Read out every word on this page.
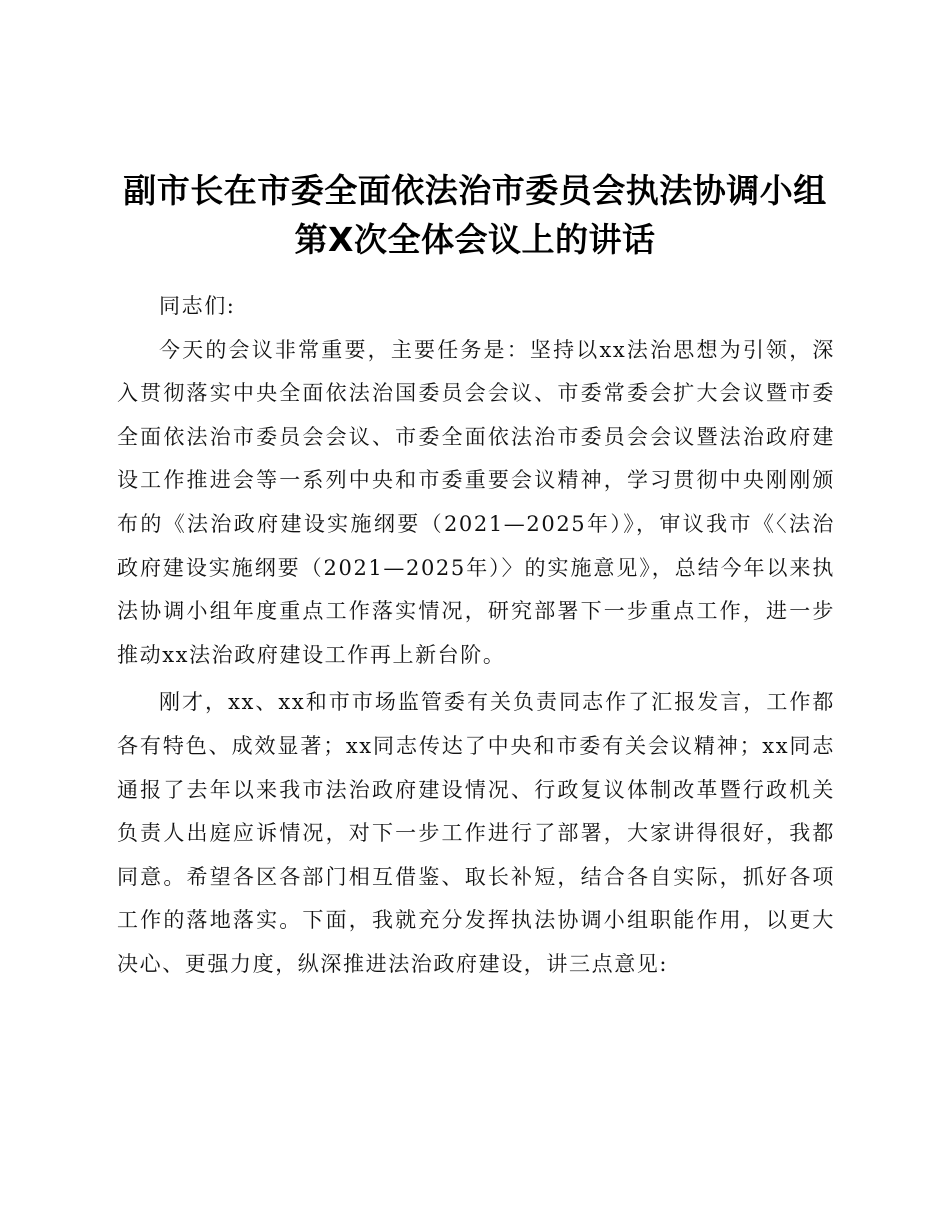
副市长在市委全面依法治市委员会执法协调小组
第X次全体会议上的讲话

同志们:

今天的会议非常重要，主要任务是：坚持以xx法治思想为引领，深入贯彻落实中央全面依法治国委员会会议、市委常委会扩大会议暨市委全面依法治市委员会会议、市委全面依法治市委员会会议暨法治政府建设工作推进会等一系列中央和市委重要会议精神，学习贯彻中央刚刚颁布的《法治政府建设实施纲要（2021—2025年）》，审议我市《〈法治政府建设实施纲要（2021—2025年）〉的实施意见》，总结今年以来执法协调小组年度重点工作落实情况，研究部署下一步重点工作，进一步推动xx法治政府建设工作再上新台阶。

刚才，xx、xx和市市场监管委有关负责同志作了汇报发言，工作都各有特色、成效显著；xx同志传达了中央和市委有关会议精神；xx同志通报了去年以来我市法治政府建设情况、行政复议体制改革暨行政机关负责人出庭应诉情况，对下一步工作进行了部署，大家讲得很好，我都同意。希望各区各部门相互借鉴、取长补短，结合各自实际，抓好各项工作的落地落实。下面，我就充分发挥执法协调小组职能作用，以更大决心、更强力度，纵深推进法治政府建设，讲三点意见:
